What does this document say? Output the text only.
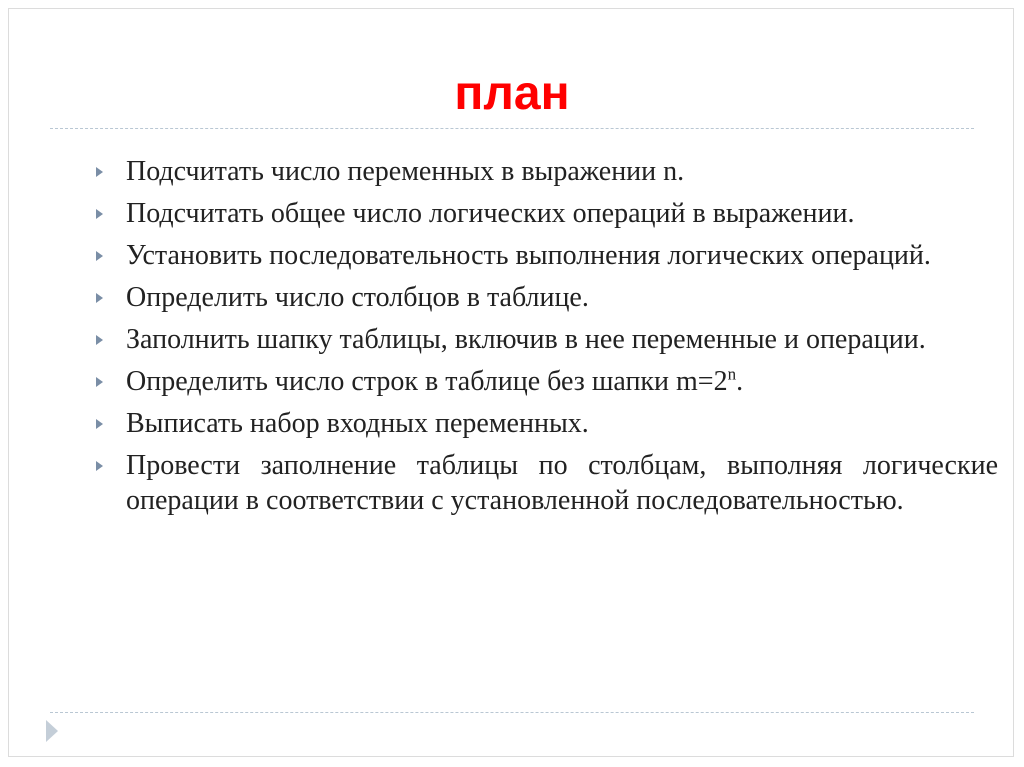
план
Подсчитать число переменных в выражении n.
Подсчитать общее число логических операций в выражении.
Установить последовательность выполнения логических операций.
Определить число столбцов в таблице.
Заполнить шапку таблицы, включив в нее переменные и операции.
Определить число строк в таблице без шапки $m=2^n$.
Выписать набор входных переменных.
Провести заполнение таблицы по столбцам, выполняя логические операции в соответствии с установленной последовательностью.
